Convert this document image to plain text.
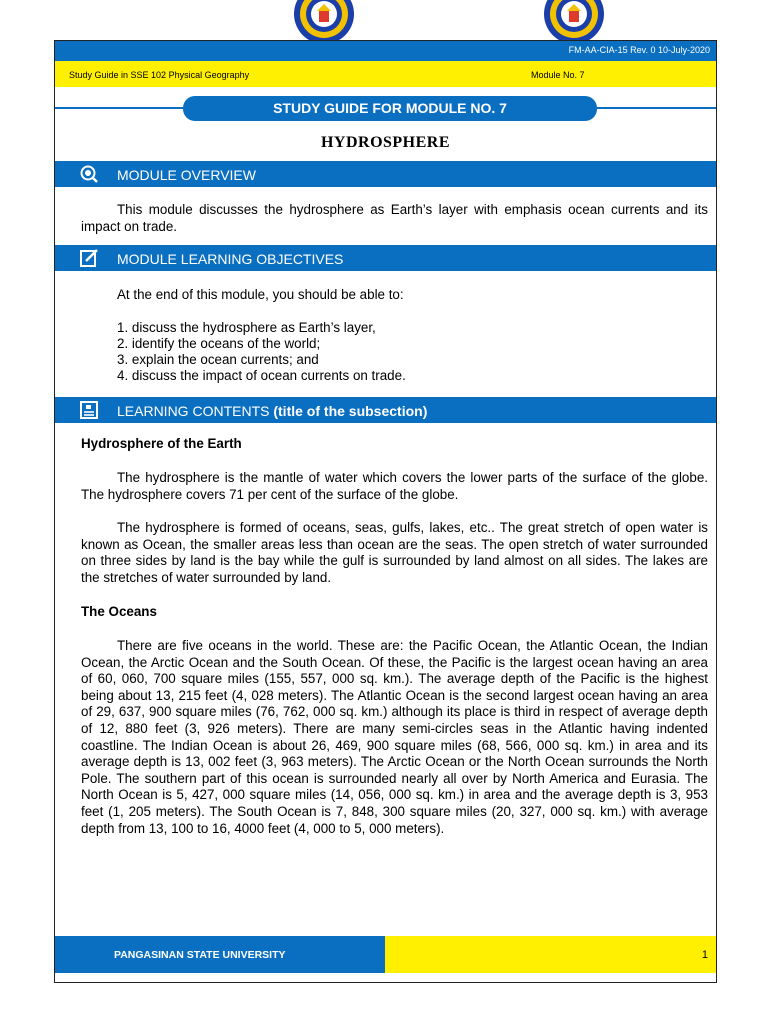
FM-AA-CIA-15 Rev. 0 10-July-2020
Study Guide in SSE 102 Physical Geography	Module No. 7
STUDY GUIDE FOR MODULE NO. 7
HYDROSPHERE
MODULE OVERVIEW
This module discusses the hydrosphere as Earth’s layer with emphasis ocean currents and its impact on trade.
MODULE LEARNING OBJECTIVES
At the end of this module, you should be able to:
1. discuss the hydrosphere as Earth’s layer,
2. identify the oceans of the world;
3. explain the ocean currents; and
4. discuss the impact of ocean currents on trade.
LEARNING CONTENTS (title of the subsection)
Hydrosphere of the Earth
The hydrosphere is the mantle of water which covers the lower parts of the surface of the globe. The hydrosphere covers 71 per cent of the surface of the globe.
The hydrosphere is formed of oceans, seas, gulfs, lakes, etc.. The great stretch of open water is known as Ocean, the smaller areas less than ocean are the seas. The open stretch of water surrounded on three sides by land is the bay while the gulf is surrounded by land almost on all sides. The lakes are the stretches of water surrounded by land.
The Oceans
There are five oceans in the world. These are: the Pacific Ocean, the Atlantic Ocean, the Indian Ocean, the Arctic Ocean and the South Ocean. Of these, the Pacific is the largest ocean having an area of 60, 060, 700 square miles (155, 557, 000 sq. km.). The average depth of the Pacific is the highest being about 13, 215 feet (4, 028 meters). The Atlantic Ocean is the second largest ocean having an area of 29, 637, 900 square miles (76, 762, 000 sq. km.) although its place is third in respect of average depth of 12, 880 feet (3, 926 meters). There are many semi-circles seas in the Atlantic having indented coastline. The Indian Ocean is about 26, 469, 900 square miles (68, 566, 000 sq. km.) in area and its average depth is 13, 002 feet (3, 963 meters). The Arctic Ocean or the North Ocean surrounds the North Pole. The southern part of this ocean is surrounded nearly all over by North America and Eurasia. The North Ocean is 5, 427, 000 square miles (14, 056, 000 sq. km.) in area and the average depth is 3, 953 feet (1, 205 meters). The South Ocean is 7, 848, 300 square miles (20, 327, 000 sq. km.) with average depth from 13, 100 to 16, 4000 feet (4, 000 to 5, 000 meters).
PANGASINAN STATE UNIVERSITY	1
